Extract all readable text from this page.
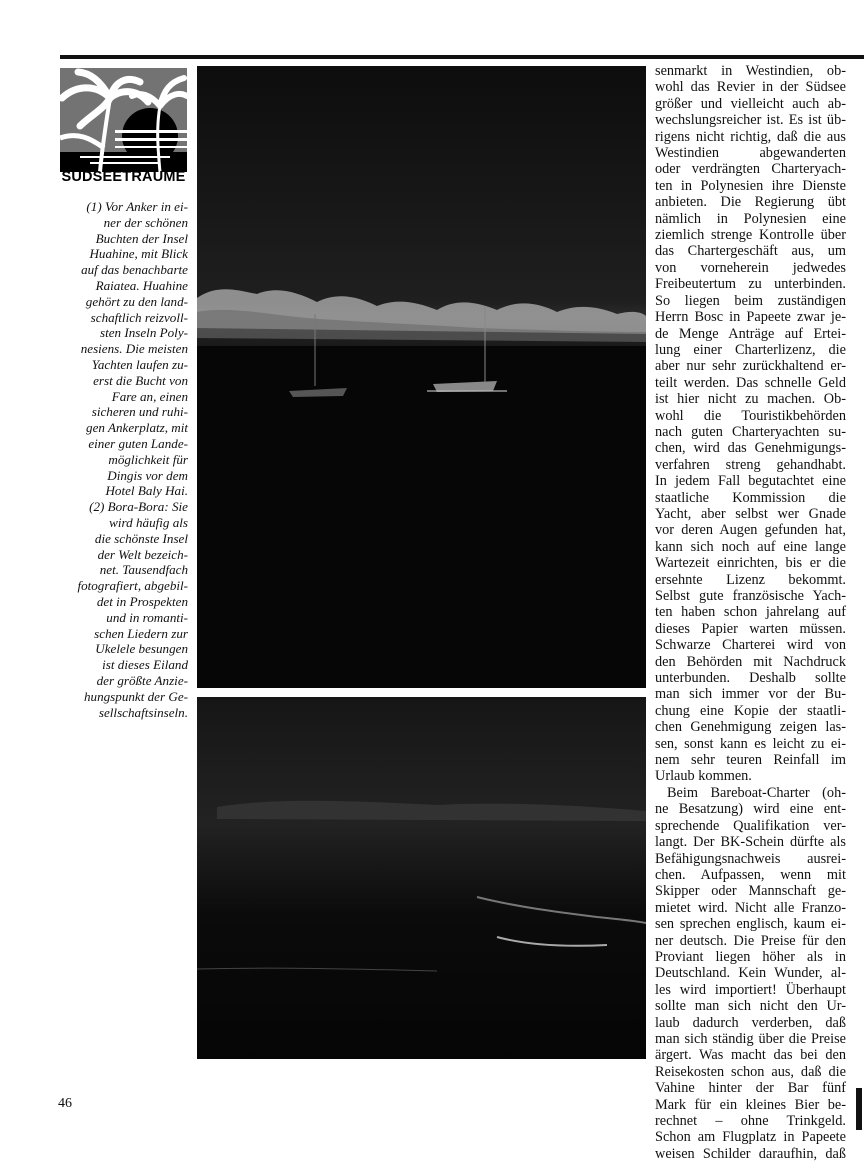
SÜDSEETRÄUME
(1) Vor Anker in ei-
ner der schönen
Buchten der Insel
Huahine, mit Blick
auf das benachbarte
Raiatea. Huahine
gehört zu den land-
schaftlich reizvoll-
sten Inseln Poly-
nesiens. Die meisten
Yachten laufen zu-
erst die Bucht von
Fare an, einen
sicheren und ruhi-
gen Ankerplatz, mit
einer guten Lande-
möglichkeit für
Dingis vor dem
Hotel Baly Hai.
(2) Bora-Bora: Sie
wird häufig als
die schönste Insel
der Welt bezeich-
net. Tausendfach
fotografiert, abgebil-
det in Prospekten
und in romanti-
schen Liedern zur
Ukelele besungen
ist dieses Eiland
der größte Anzie-
hungspunkt der Ge-
sellschaftsinseln.
senmarkt in Westindien, ob-
wohl das Revier in der Südsee
größer und vielleicht auch ab-
wechslungsreicher ist. Es ist üb-
rigens nicht richtig, daß die aus
Westindien abgewanderten
oder verdrängten Charteryach-
ten in Polynesien ihre Dienste
anbieten. Die Regierung übt
nämlich in Polynesien eine
ziemlich strenge Kontrolle über
das Chartergeschäft aus, um
von vorneherein jedwedes
Freibeutertum zu unterbinden.
So liegen beim zuständigen
Herrn Bosc in Papeete zwar je-
de Menge Anträge auf Ertei-
lung einer Charterlizenz, die
aber nur sehr zurückhaltend er-
teilt werden. Das schnelle Geld
ist hier nicht zu machen. Ob-
wohl die Touristikbehörden
nach guten Charteryachten su-
chen, wird das Genehmigungs-
verfahren streng gehandhabt.
In jedem Fall begutachtet eine
staatliche Kommission die
Yacht, aber selbst wer Gnade
vor deren Augen gefunden hat,
kann sich noch auf eine lange
Wartezeit einrichten, bis er die
ersehnte Lizenz bekommt.
Selbst gute französische Yach-
ten haben schon jahrelang auf
dieses Papier warten müssen.
Schwarze Charterei wird von
den Behörden mit Nachdruck
unterbunden. Deshalb sollte
man sich immer vor der Bu-
chung eine Kopie der staatli-
chen Genehmigung zeigen las-
sen, sonst kann es leicht zu ei-
nem sehr teuren Reinfall im
Urlaub kommen.
Beim Bareboat-Charter (oh-
ne Besatzung) wird eine ent-
sprechende Qualifikation ver-
langt. Der BK-Schein dürfte als
Befähigungsnachweis ausrei-
chen. Aufpassen, wenn mit
Skipper oder Mannschaft ge-
mietet wird. Nicht alle Franzo-
sen sprechen englisch, kaum ei-
ner deutsch. Die Preise für den
Proviant liegen höher als in
Deutschland. Kein Wunder, al-
les wird importiert! Überhaupt
sollte man sich nicht den Ur-
laub dadurch verderben, daß
man sich ständig über die Preise
ärgert. Was macht das bei den
Reisekosten schon aus, daß die
Vahine hinter der Bar fünf
Mark für ein kleines Bier be-
rechnet – ohne Trinkgeld.
Schon am Flugplatz in Papeete
weisen Schilder daraufhin, daß

46
